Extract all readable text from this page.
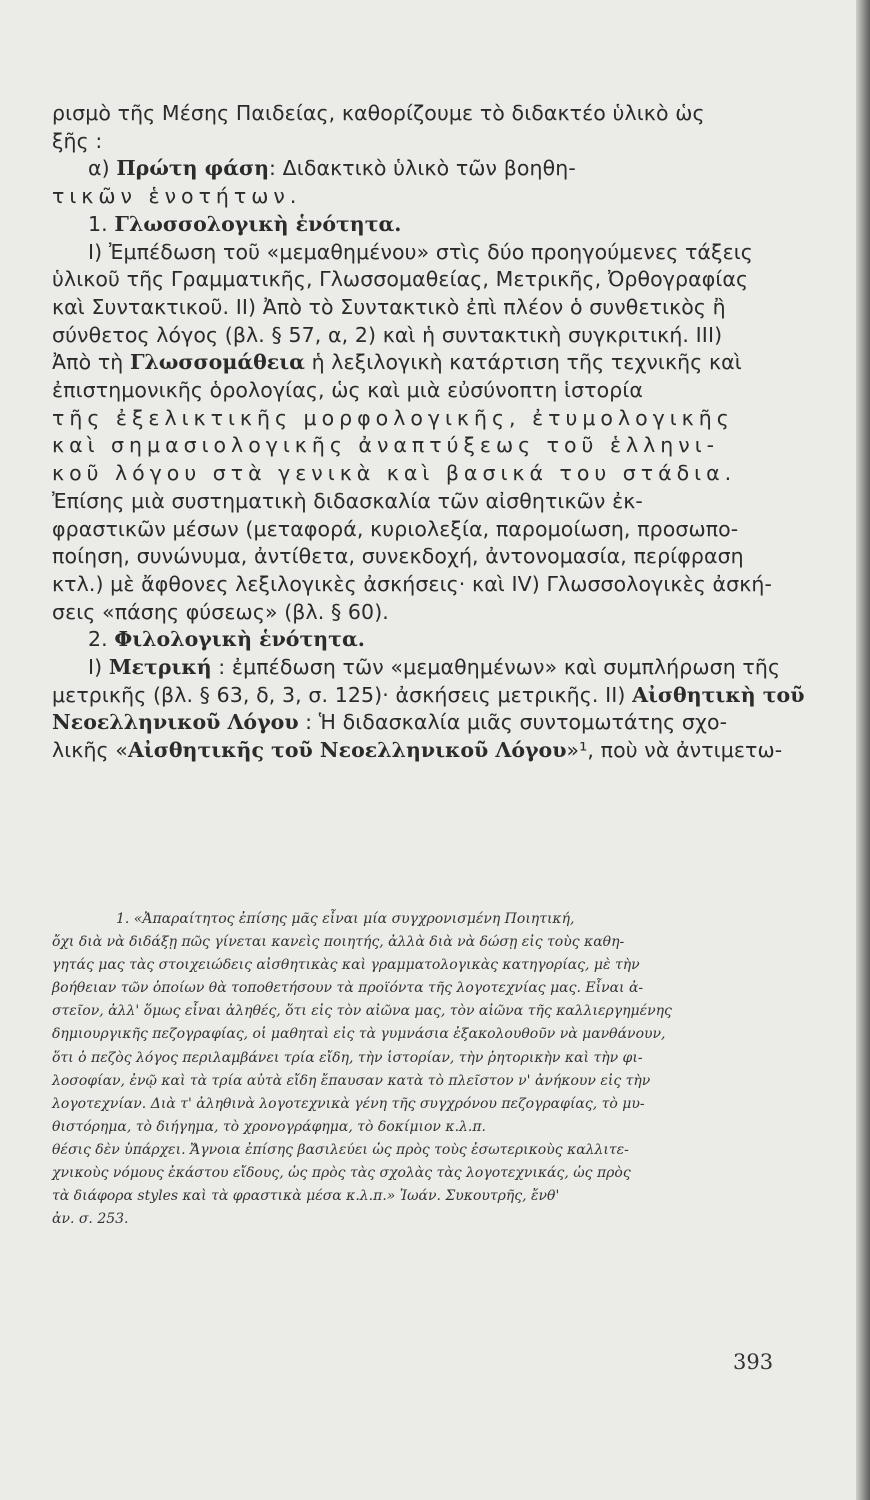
ρισμὸ τῆς Μέσης Παιδείας, καθορίζουμε τὸ διδακτέο ὑλικὸ ὡς
ξῆς :
α) Πρώτη φάση: Διδακτικὸ ὑλικὸ τῶν βοηθη-
τικῶν ἑνοτήτων.
1. Γλωσσολογικὴ ἑνότητα.
Ι) Ἐμπέδωση τοῦ «μεμαθημένου» στὶς δύο προηγούμενες τάξεις
ὑλικοῦ τῆς Γραμματικῆς, Γλωσσομαθείας, Μετρικῆς, Ὀρθογραφίας
καὶ Συντακτικοῦ. ΙΙ) Ἀπὸ τὸ Συντακτικὸ ἐπὶ πλέον ὁ συνθετικὸς ἢ
σύνθετος λόγος (βλ. § 57, α, 2) καὶ ἡ συντακτικὴ συγκριτική. ΙΙΙ)
Ἀπὸ τὴ Γλωσσομάθεια ἡ λεξιλογικὴ κατάρτιση τῆς τεχνικῆς καὶ
ἐπιστημονικῆς ὁρολογίας, ὡς καὶ μιὰ εὐσύνοπτη ἱστορία
τῆς ἐξελικτικῆς μορφολογικῆς, ἐτυμολογικῆς
καὶ σημασιολογικῆς ἀναπτύξεως τοῦ ἑλληνι-
κοῦ λόγου στὰ γενικὰ καὶ βασικά του στάδια.
Ἐπίσης μιὰ συστηματικὴ διδασκαλία τῶν αἰσθητικῶν ἐκ-
φραστικῶν μέσων (μεταφορά, κυριολεξία, παρομοίωση, προσωπο-
ποίηση, συνώνυμα, ἀντίθετα, συνεκδοχή, ἀντονομασία, περίφραση
κτλ.) μὲ ἄφθονες λεξιλογικὲς ἀσκήσεις· καὶ ΙV) Γλωσσολογικὲς ἀσκή-
σεις «πάσης φύσεως» (βλ. § 60).
2. Φιλολογικὴ ἑνότητα.
Ι) Μετρική : ἐμπέδωση τῶν «μεμαθημένων» καὶ συμπλήρωση τῆς
μετρικῆς (βλ. § 63, δ, 3, σ. 125)· ἀσκήσεις μετρικῆς. ΙΙ) Αἰσθητικὴ τοῦ
Νεοελληνικοῦ Λόγου : Ἡ διδασκαλία μιᾶς συντομωτάτης σχο-
λικῆς «Αἰσθητικῆς τοῦ Νεοελληνικοῦ Λόγου»¹, ποὺ νὰ ἀντιμετω-
1. «Ἀπαραίτητος ἐπίσης μᾶς εἶναι μία συγχρονισμένη Ποιητική,
ὄχι διὰ νὰ διδάξῃ πῶς γίνεται κανεὶς ποιητής, ἀλλὰ διὰ νὰ δώσῃ εἰς τοὺς καθη-
γητάς μας τὰς στοιχειώδεις αἰσθητικὰς καὶ γραμματολογικὰς κατηγορίας, μὲ τὴν
βοήθειαν τῶν ὁποίων θὰ τοποθετήσουν τὰ προϊόντα τῆς λογοτεχνίας μας. Εἶναι ἀ-
στεῖον, ἀλλ' ὅμως εἶναι ἀληθές, ὅτι εἰς τὸν αἰῶνα μας, τὸν αἰῶνα τῆς καλλιεργημένης
δημιουργικῆς πεζογραφίας, οἱ μαθηταὶ εἰς τὰ γυμνάσια ἐξακολουθοῦν νὰ μανθάνουν,
ὅτι ὁ πεζὸς λόγος περιλαμβάνει τρία εἴδη, τὴν ἱστορίαν, τὴν ῥητορικὴν καὶ τὴν φι-
λοσοφίαν, ἐνῷ καὶ τὰ τρία αὐτὰ εἴδη ἔπαυσαν κατὰ τὸ πλεῖστον ν' ἀνήκουν εἰς τὴν
λογοτεχνίαν. Διὰ τ' ἀληθινὰ λογοτεχνικὰ γένη τῆς συγχρόνου πεζογραφίας, τὸ μυ-
θιστόρημα, τὸ διήγημα, τὸ χρονογράφημα, τὸ δοκίμιον κ.λ.π.
θέσις δὲν ὑπάρχει. Ἄγνοια ἐπίσης βασιλεύει ὡς πρὸς τοὺς ἐσωτερικοὺς καλλιτε-
χνικοὺς νόμους ἑκάστου εἴδους, ὡς πρὸς τὰς σχολὰς τὰς λογοτεχνικάς, ὡς πρὸς
τὰ διάφορα styles καὶ τὰ φραστικὰ μέσα κ.λ.π.» Ἰωάν. Συκουτρῆς, ἔνθ'
ἀν. σ. 253.
393
